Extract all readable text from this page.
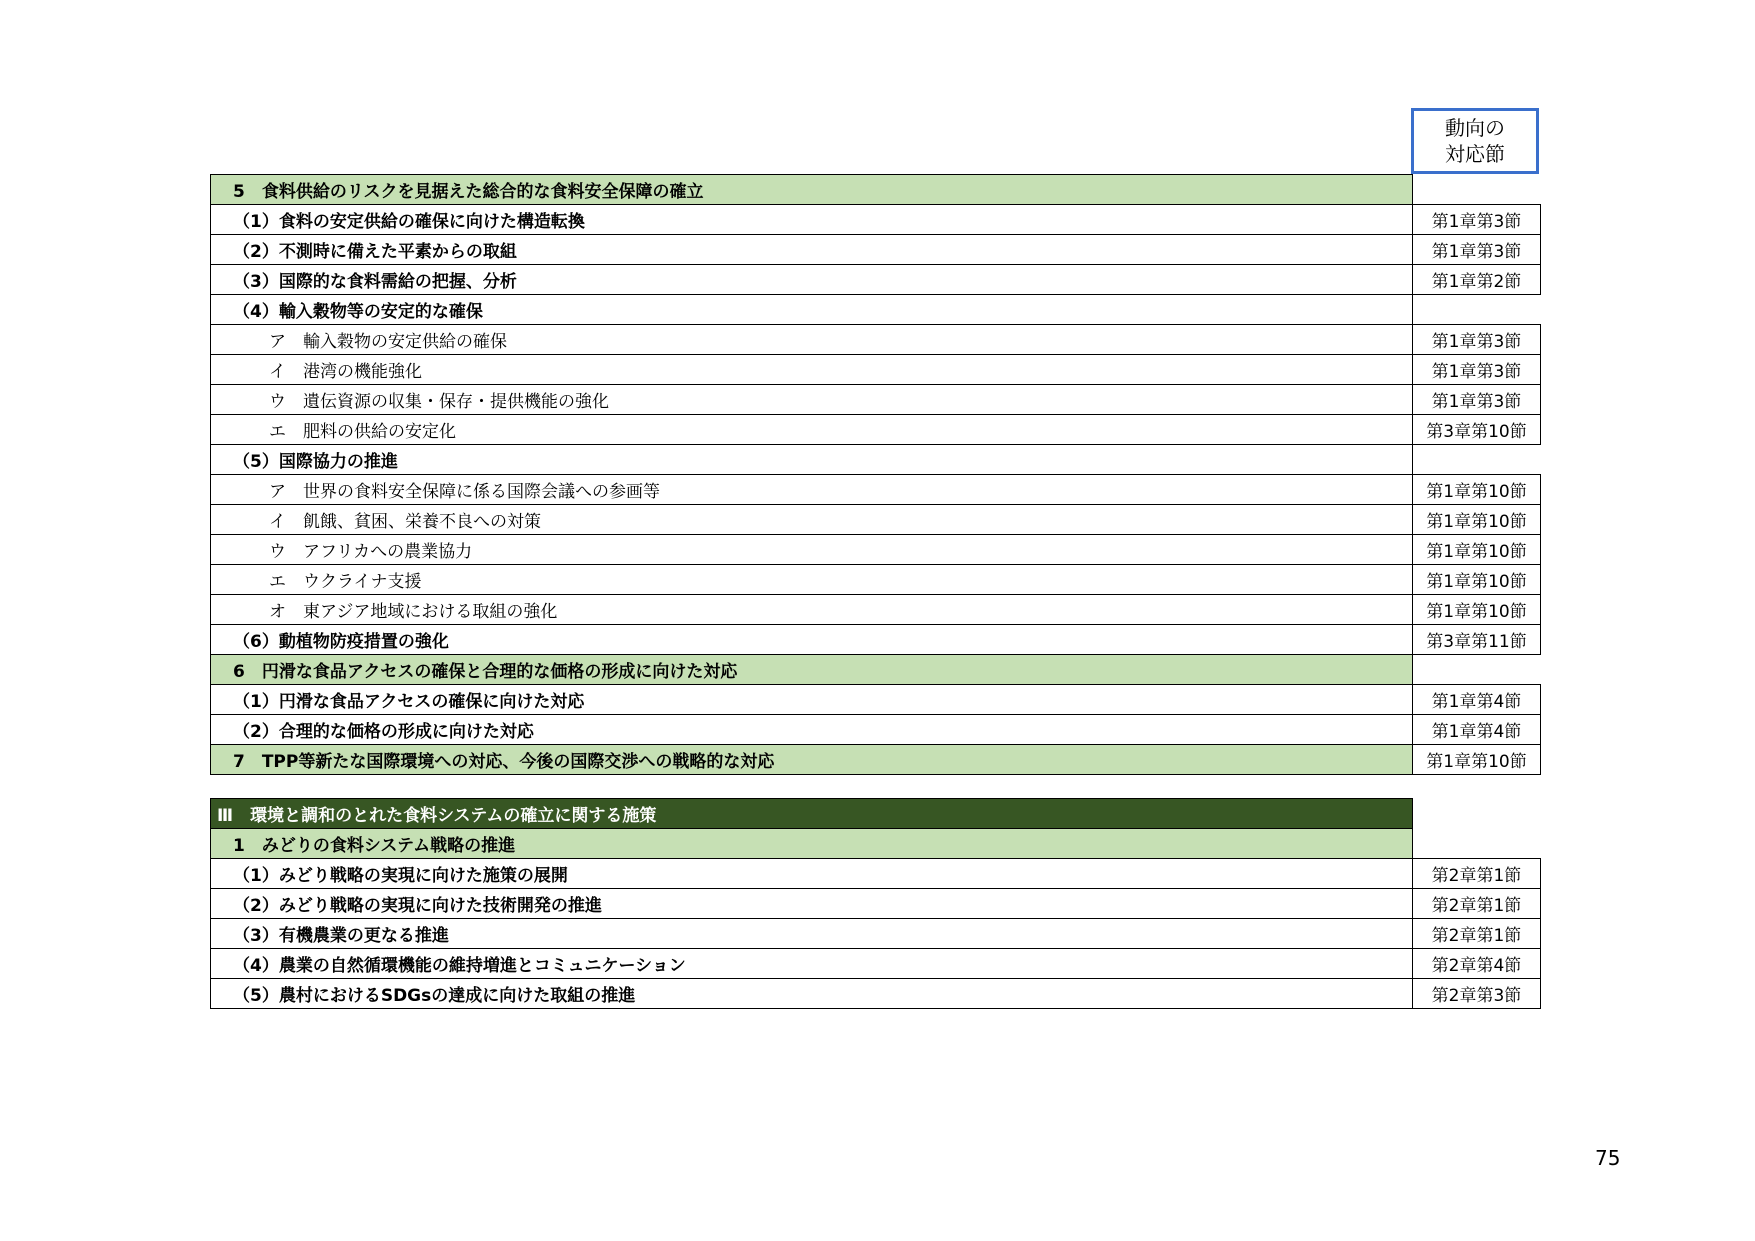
動向の
対応節
5　食料供給のリスクを見据えた総合的な食料安全保障の確立	
（1）食料の安定供給の確保に向けた構造転換	第1章第3節
（2）不測時に備えた平素からの取組	第1章第3節
（3）国際的な食料需給の把握、分析	第1章第2節
（4）輸入穀物等の安定的な確保	
ア　輸入穀物の安定供給の確保	第1章第3節
イ　港湾の機能強化	第1章第3節
ウ　遺伝資源の収集・保存・提供機能の強化	第1章第3節
エ　肥料の供給の安定化	第3章第10節
（5）国際協力の推進	
ア　世界の食料安全保障に係る国際会議への参画等	第1章第10節
イ　飢餓、貧困、栄養不良への対策	第1章第10節
ウ　アフリカへの農業協力	第1章第10節
エ　ウクライナ支援	第1章第10節
オ　東アジア地域における取組の強化	第1章第10節
（6）動植物防疫措置の強化	第3章第11節
6　円滑な食品アクセスの確保と合理的な価格の形成に向けた対応	
（1）円滑な食品アクセスの確保に向けた対応	第1章第4節
（2）合理的な価格の形成に向けた対応	第1章第4節
7　TPP等新たな国際環境への対応、今後の国際交渉への戦略的な対応	第1章第10節
Ⅲ　環境と調和のとれた食料システムの確立に関する施策	
1　みどりの食料システム戦略の推進	
（1）みどり戦略の実現に向けた施策の展開	第2章第1節
（2）みどり戦略の実現に向けた技術開発の推進	第2章第1節
（3）有機農業の更なる推進	第2章第1節
（4）農業の自然循環機能の維持増進とコミュニケーション	第2章第4節
（5）農村におけるSDGsの達成に向けた取組の推進	第2章第3節
75
